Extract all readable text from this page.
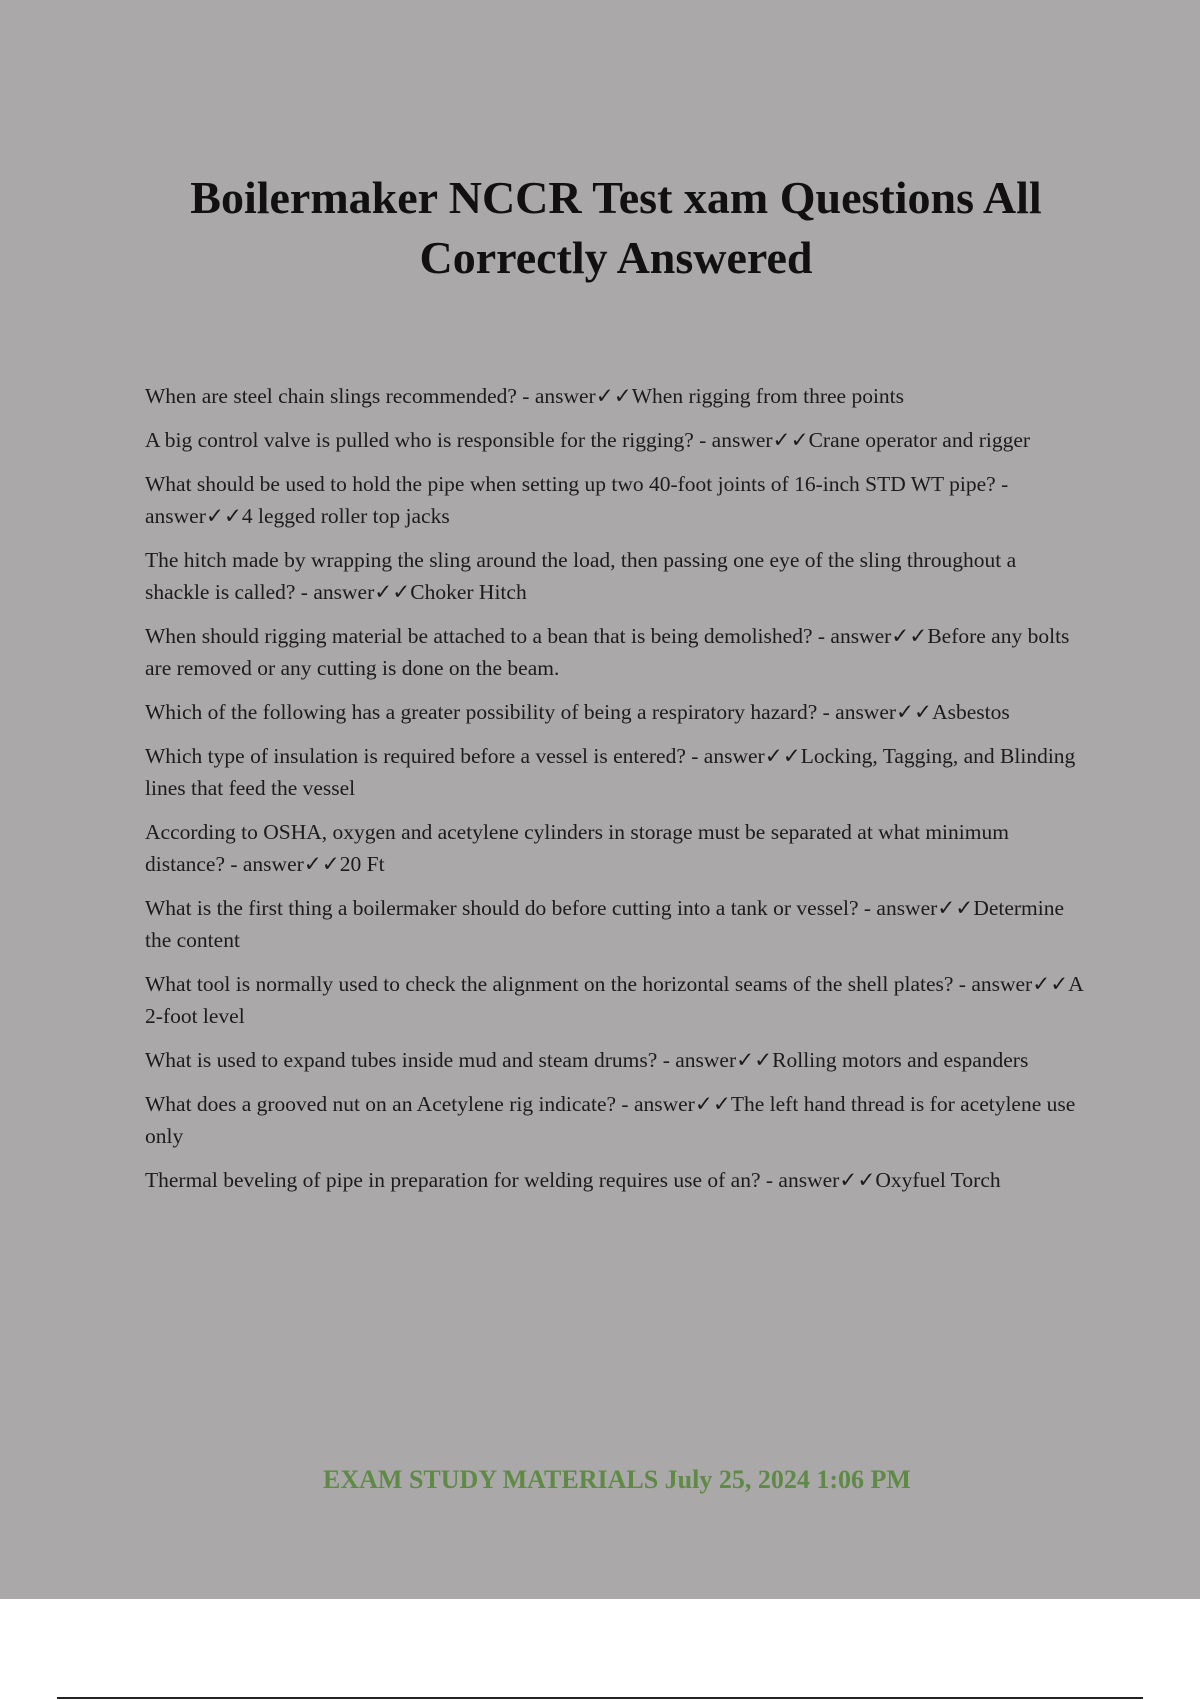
Boilermaker NCCR Test xam Questions All Correctly Answered
When are steel chain slings recommended? - answer✓✓When rigging from three points
A big control valve is pulled who is responsible for the rigging? - answer✓✓Crane operator and rigger
What should be used to hold the pipe when setting up two 40-foot joints of 16-inch STD WT pipe? - answer✓✓4 legged roller top jacks
The hitch made by wrapping the sling around the load, then passing one eye of the sling throughout a shackle is called? - answer✓✓Choker Hitch
When should rigging material be attached to a bean that is being demolished? - answer✓✓Before any bolts are removed or any cutting is done on the beam.
Which of the following has a greater possibility of being a respiratory hazard? - answer✓✓Asbestos
Which type of insulation is required before a vessel is entered? - answer✓✓Locking, Tagging, and Blinding lines that feed the vessel
According to OSHA, oxygen and acetylene cylinders in storage must be separated at what minimum distance? - answer✓✓20 Ft
What is the first thing a boilermaker should do before cutting into a tank or vessel? - answer✓✓Determine the content
What tool is normally used to check the alignment on the horizontal seams of the shell plates? - answer✓✓A 2-foot level
What is used to expand tubes inside mud and steam drums? - answer✓✓Rolling motors and espanders
What does a grooved nut on an Acetylene rig indicate? - answer✓✓The left hand thread is for acetylene use only
Thermal beveling of pipe in preparation for welding requires use of an? - answer✓✓Oxyfuel Torch
EXAM STUDY MATERIALS July 25, 2024 1:06 PM
